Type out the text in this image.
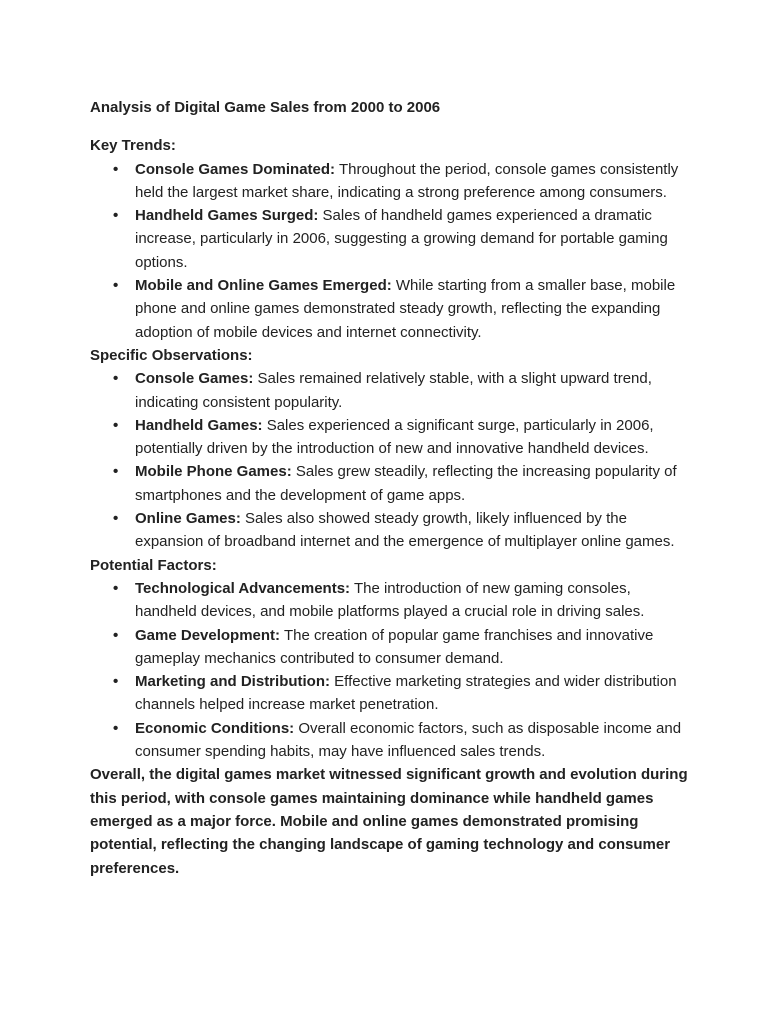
Analysis of Digital Game Sales from 2000 to 2006

Key Trends:

• Console Games Dominated: Throughout the period, console games consistently held the largest market share, indicating a strong preference among consumers.
• Handheld Games Surged: Sales of handheld games experienced a dramatic increase, particularly in 2006, suggesting a growing demand for portable gaming options.
• Mobile and Online Games Emerged: While starting from a smaller base, mobile phone and online games demonstrated steady growth, reflecting the expanding adoption of mobile devices and internet connectivity.

Specific Observations:

• Console Games: Sales remained relatively stable, with a slight upward trend, indicating consistent popularity.
• Handheld Games: Sales experienced a significant surge, particularly in 2006, potentially driven by the introduction of new and innovative handheld devices.
• Mobile Phone Games: Sales grew steadily, reflecting the increasing popularity of smartphones and the development of game apps.
• Online Games: Sales also showed steady growth, likely influenced by the expansion of broadband internet and the emergence of multiplayer online games.

Potential Factors:

• Technological Advancements: The introduction of new gaming consoles, handheld devices, and mobile platforms played a crucial role in driving sales.
• Game Development: The creation of popular game franchises and innovative gameplay mechanics contributed to consumer demand.
• Marketing and Distribution: Effective marketing strategies and wider distribution channels helped increase market penetration.
• Economic Conditions: Overall economic factors, such as disposable income and consumer spending habits, may have influenced sales trends.

Overall, the digital games market witnessed significant growth and evolution during this period, with console games maintaining dominance while handheld games emerged as a major force. Mobile and online games demonstrated promising potential, reflecting the changing landscape of gaming technology and consumer preferences.
